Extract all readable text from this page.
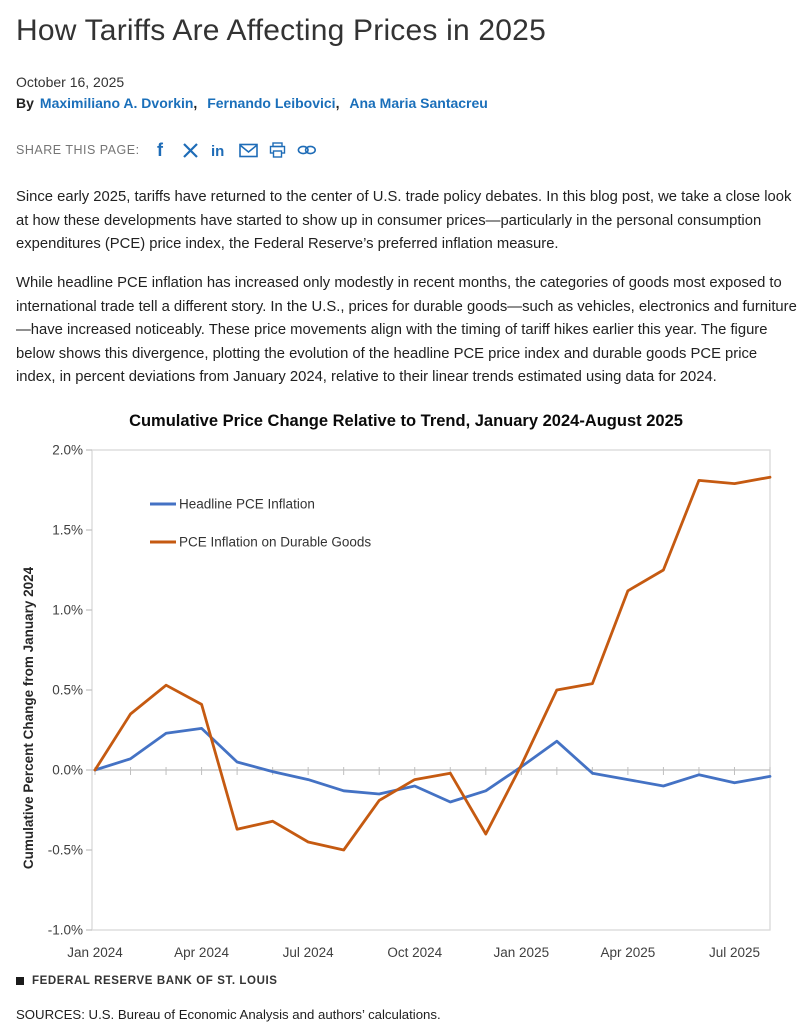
How Tariffs Are Affecting Prices in 2025
October 16, 2025
By Maximiliano A. Dvorkin, Fernando Leibovici, Ana Maria Santacreu
SHARE THIS PAGE: f	in

Since early 2025, tariffs have returned to the center of U.S. trade policy debates. In this blog post, we take a close look at how these developments have started to show up in consumer prices—particularly in the personal consumption expenditures (PCE) price index, the Federal Reserve’s preferred inflation measure.

While headline PCE inflation has increased only modestly in recent months, the categories of goods most exposed to international trade tell a different story. In the U.S., prices for durable goods—such as vehicles, electronics and furniture—have increased noticeably. These price movements align with the timing of tariff hikes earlier this year. The figure below shows this divergence, plotting the evolution of the headline PCE price index and durable goods PCE price index, in percent deviations from January 2024, relative to their linear trends estimated using data for 2024.

Cumulative Price Change Relative to Trend, January 2024-August 2025
2.0%
1.5%
1.0%
0.5%
0.0%
-0.5%
-1.0%
Jan 2024	Apr 2024	Jul 2024	Oct 2024	Jan 2025	Apr 2025	Jul 2025
Headline PCE Inflation
PCE Inflation on Durable Goods
Cumulative Percent Change from January 2024
FEDERAL RESERVE BANK OF ST. LOUIS
SOURCES: U.S. Bureau of Economic Analysis and authors’ calculations.
